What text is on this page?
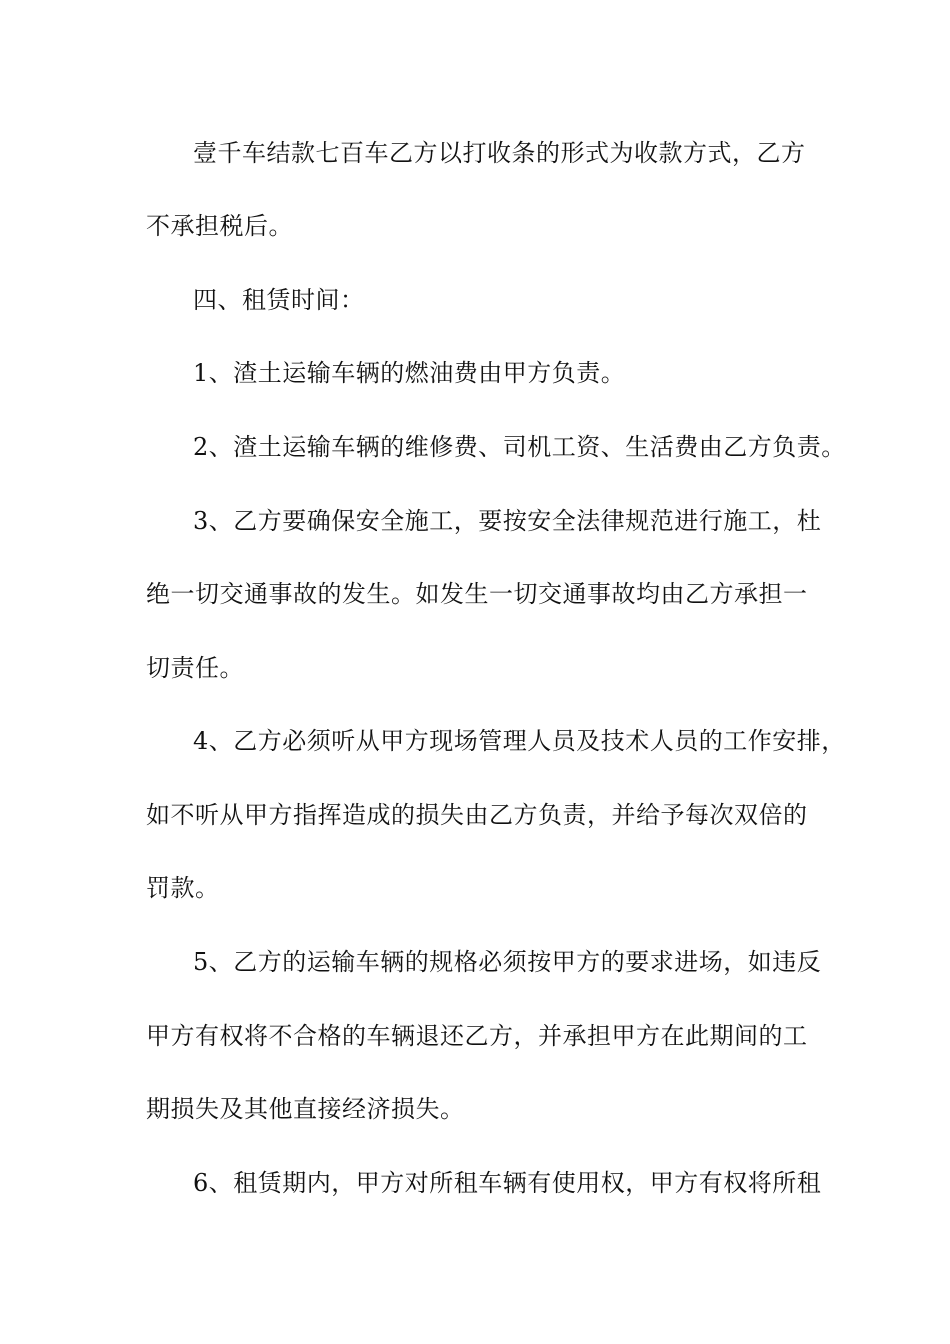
壹千车结款七百车乙方以打收条的形式为收款方式，乙方
不承担税后。
四、租赁时间：
1、渣土运输车辆的燃油费由甲方负责。
2、渣土运输车辆的维修费、司机工资、生活费由乙方负责。
3、乙方要确保安全施工，要按安全法律规范进行施工，杜
绝一切交通事故的发生。如发生一切交通事故均由乙方承担一
切责任。
4、乙方必须听从甲方现场管理人员及技术人员的工作安排，
如不听从甲方指挥造成的损失由乙方负责，并给予每次双倍的
罚款。
5、乙方的运输车辆的规格必须按甲方的要求进场，如违反
甲方有权将不合格的车辆退还乙方，并承担甲方在此期间的工
期损失及其他直接经济损失。
6、租赁期内，甲方对所租车辆有使用权，甲方有权将所租
